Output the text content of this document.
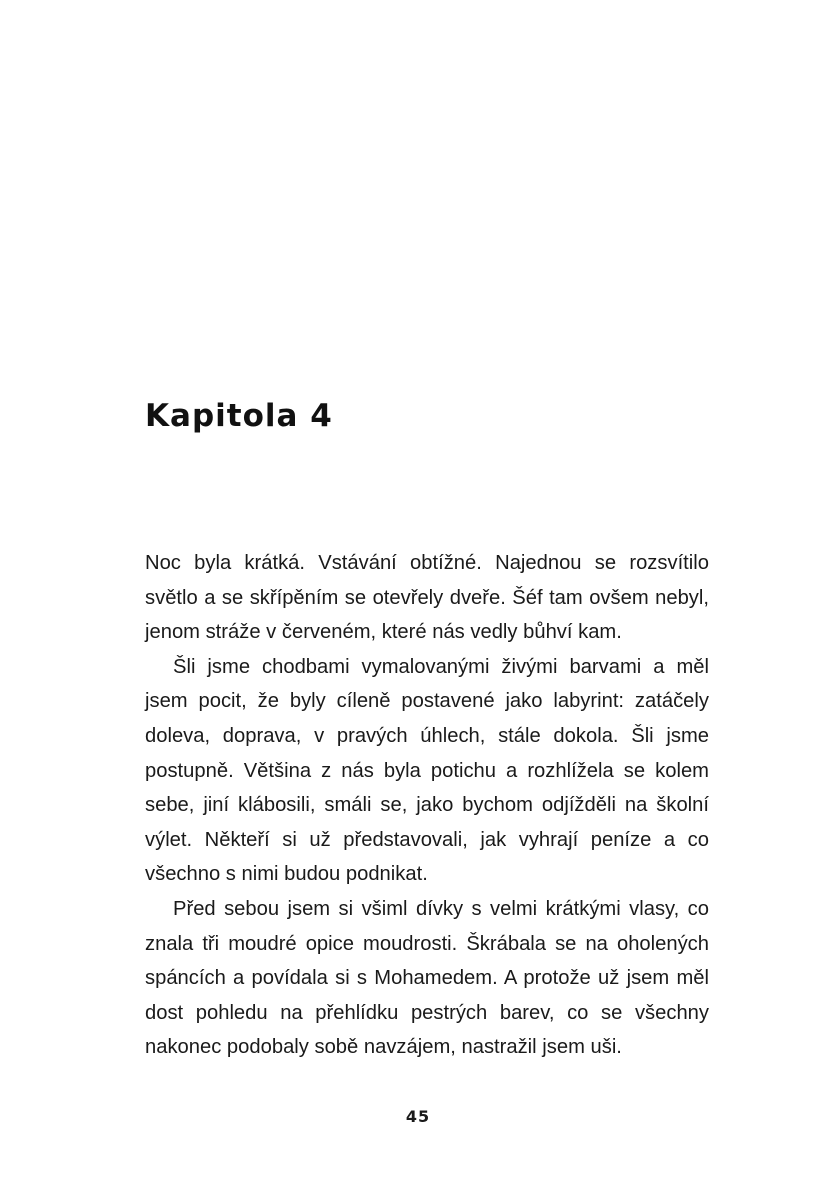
Kapitola 4

Noc byla krátká. Vstávání obtížné. Najednou se rozsvítilo světlo a se skřípěním se otevřely dveře. Šéf tam ovšem nebyl, jenom stráže v červeném, které nás vedly bůhví kam.

Šli jsme chodbami vymalovanými živými barvami a měl jsem pocit, že byly cíleně postavené jako labyrint: zatáčely doleva, doprava, v pravých úhlech, stále dokola. Šli jsme postupně. Většina z nás byla potichu a rozhlížela se kolem sebe, jiní klábosili, smáli se, jako bychom odjížděli na školní výlet. Někteří si už představovali, jak vyhrají peníze a co všechno s nimi budou podnikat.

Před sebou jsem si všiml dívky s velmi krátkými vlasy, co znala tři moudré opice moudrosti. Škrábala se na oholených spáncích a povídala si s Mohamedem. A protože už jsem měl dost pohledu na přehlídku pestrých barev, co se všechny nakonec podobaly sobě navzájem, nastražil jsem uši.

45
